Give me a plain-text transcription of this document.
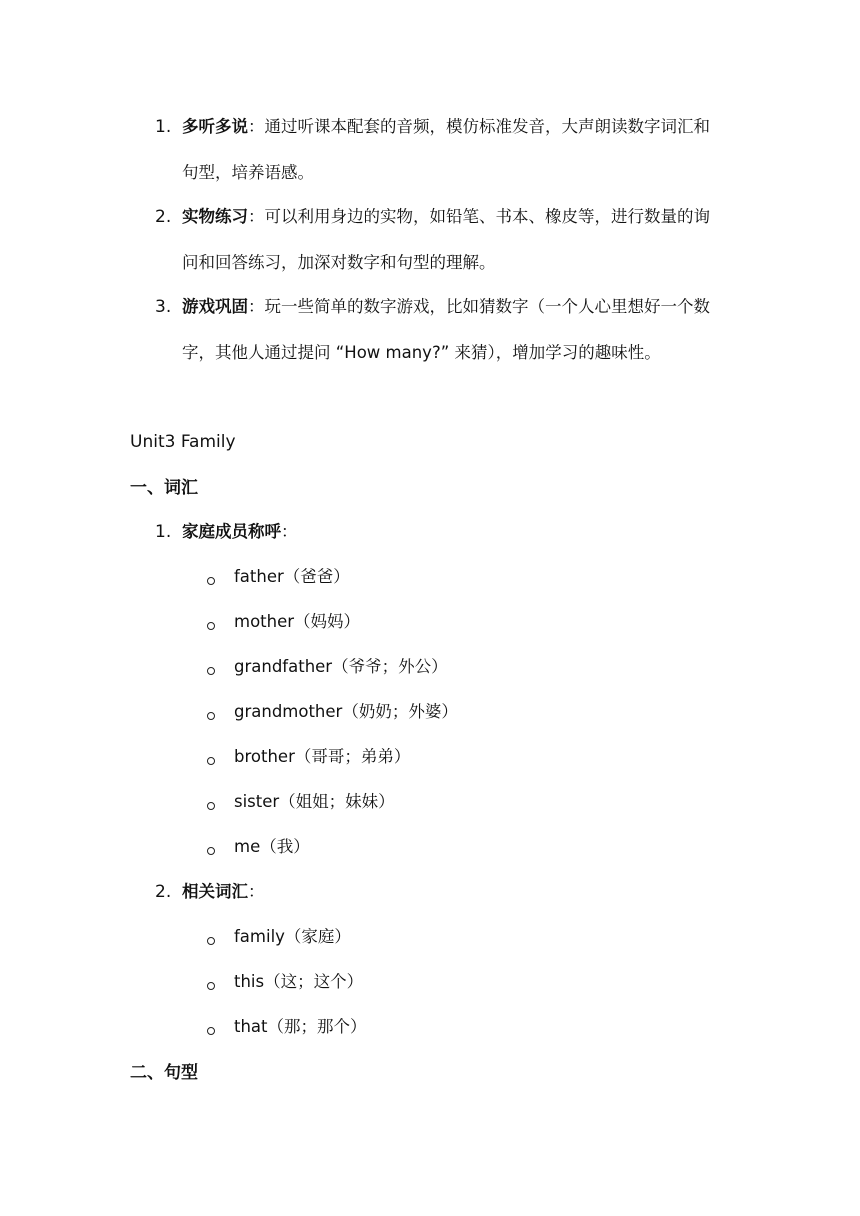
1. 多听多说：通过听课本配套的音频，模仿标准发音，大声朗读数字词汇和
句型，培养语感。
2. 实物练习：可以利用身边的实物，如铅笔、书本、橡皮等，进行数量的询
问和回答练习，加深对数字和句型的理解。
3. 游戏巩固：玩一些简单的数字游戏，比如猜数字（一个人心里想好一个数
字，其他人通过提问 “How many?” 来猜），增加学习的趣味性。
Unit3 Family
一、词汇
1. 家庭成员称呼：
father（爸爸）
mother（妈妈）
grandfather（爷爷；外公）
grandmother（奶奶；外婆）
brother（哥哥；弟弟）
sister（姐姐；妹妹）
me（我）
2. 相关词汇：
family（家庭）
this（这；这个）
that（那；那个）
二、句型
